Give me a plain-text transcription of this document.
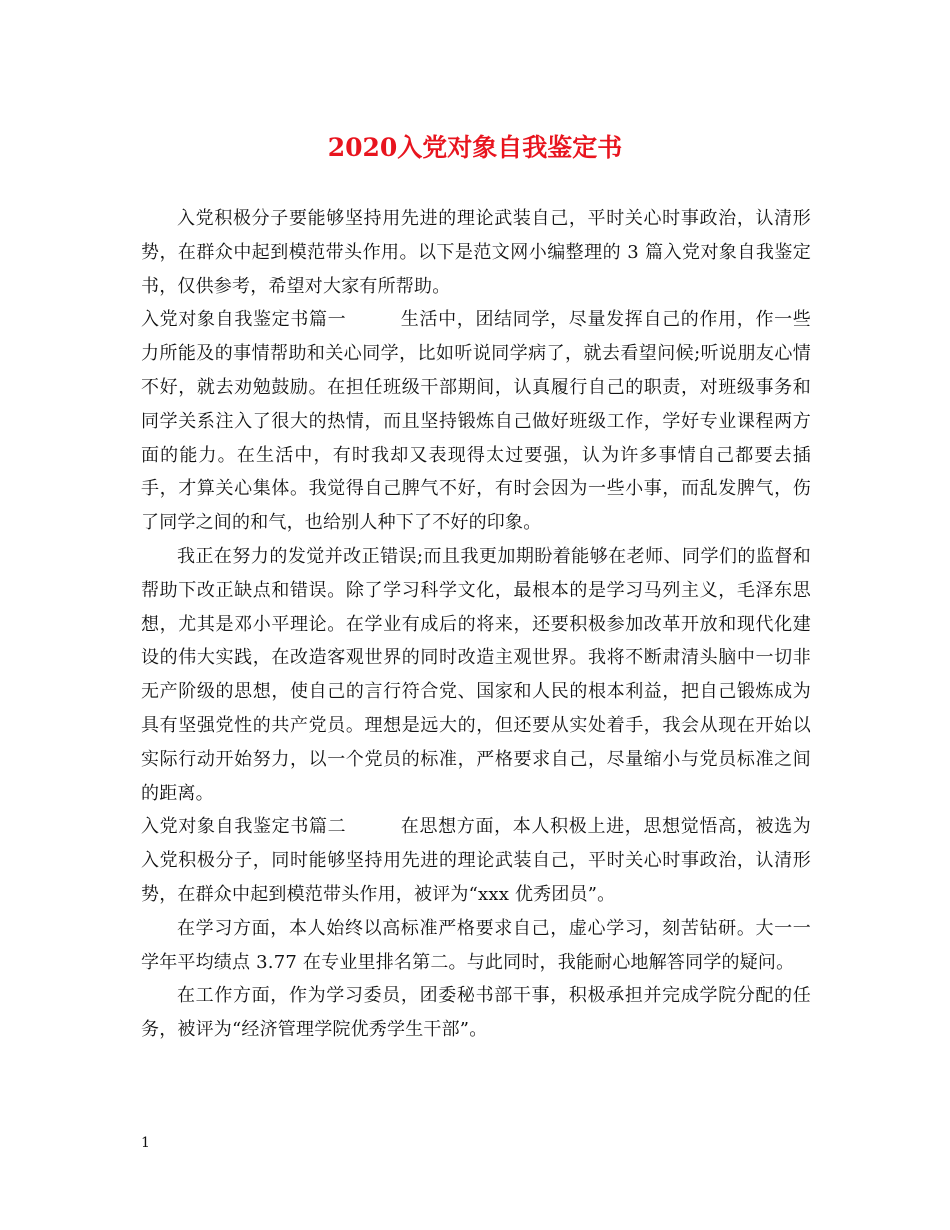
2020入党对象自我鉴定书

入党积极分子要能够坚持用先进的理论武装自己，平时关心时事政治，认清形势，在群众中起到模范带头作用。以下是范文网小编整理的 3 篇入党对象自我鉴定书，仅供参考，希望对大家有所帮助。

入党对象自我鉴定书篇一	生活中，团结同学，尽量发挥自己的作用，作一些力所能及的事情帮助和关心同学，比如听说同学病了，就去看望问候;听说朋友心情不好，就去劝勉鼓励。在担任班级干部期间，认真履行自己的职责，对班级事务和同学关系注入了很大的热情，而且坚持锻炼自己做好班级工作，学好专业课程两方面的能力。在生活中，有时我却又表现得太过要强，认为许多事情自己都要去插手，才算关心集体。我觉得自己脾气不好，有时会因为一些小事，而乱发脾气，伤了同学之间的和气，也给别人种下了不好的印象。

我正在努力的发觉并改正错误;而且我更加期盼着能够在老师、同学们的监督和帮助下改正缺点和错误。除了学习科学文化，最根本的是学习马列主义，毛泽东思想，尤其是邓小平理论。在学业有成后的将来，还要积极参加改革开放和现代化建设的伟大实践，在改造客观世界的同时改造主观世界。我将不断肃清头脑中一切非无产阶级的思想，使自己的言行符合党、国家和人民的根本利益，把自己锻炼成为具有坚强党性的共产党员。理想是远大的，但还要从实处着手，我会从现在开始以实际行动开始努力，以一个党员的标准，严格要求自己，尽量缩小与党员标准之间的距离。

入党对象自我鉴定书篇二	在思想方面，本人积极上进，思想觉悟高，被选为入党积极分子，同时能够坚持用先进的理论武装自己，平时关心时事政治，认清形势，在群众中起到模范带头作用，被评为“xxx 优秀团员”。

在学习方面，本人始终以高标准严格要求自己，虚心学习，刻苦钻研。大一一学年平均绩点 3.77 在专业里排名第二。与此同时，我能耐心地解答同学的疑问。

在工作方面，作为学习委员，团委秘书部干事，积极承担并完成学院分配的任务，被评为“经济管理学院优秀学生干部”。

1
